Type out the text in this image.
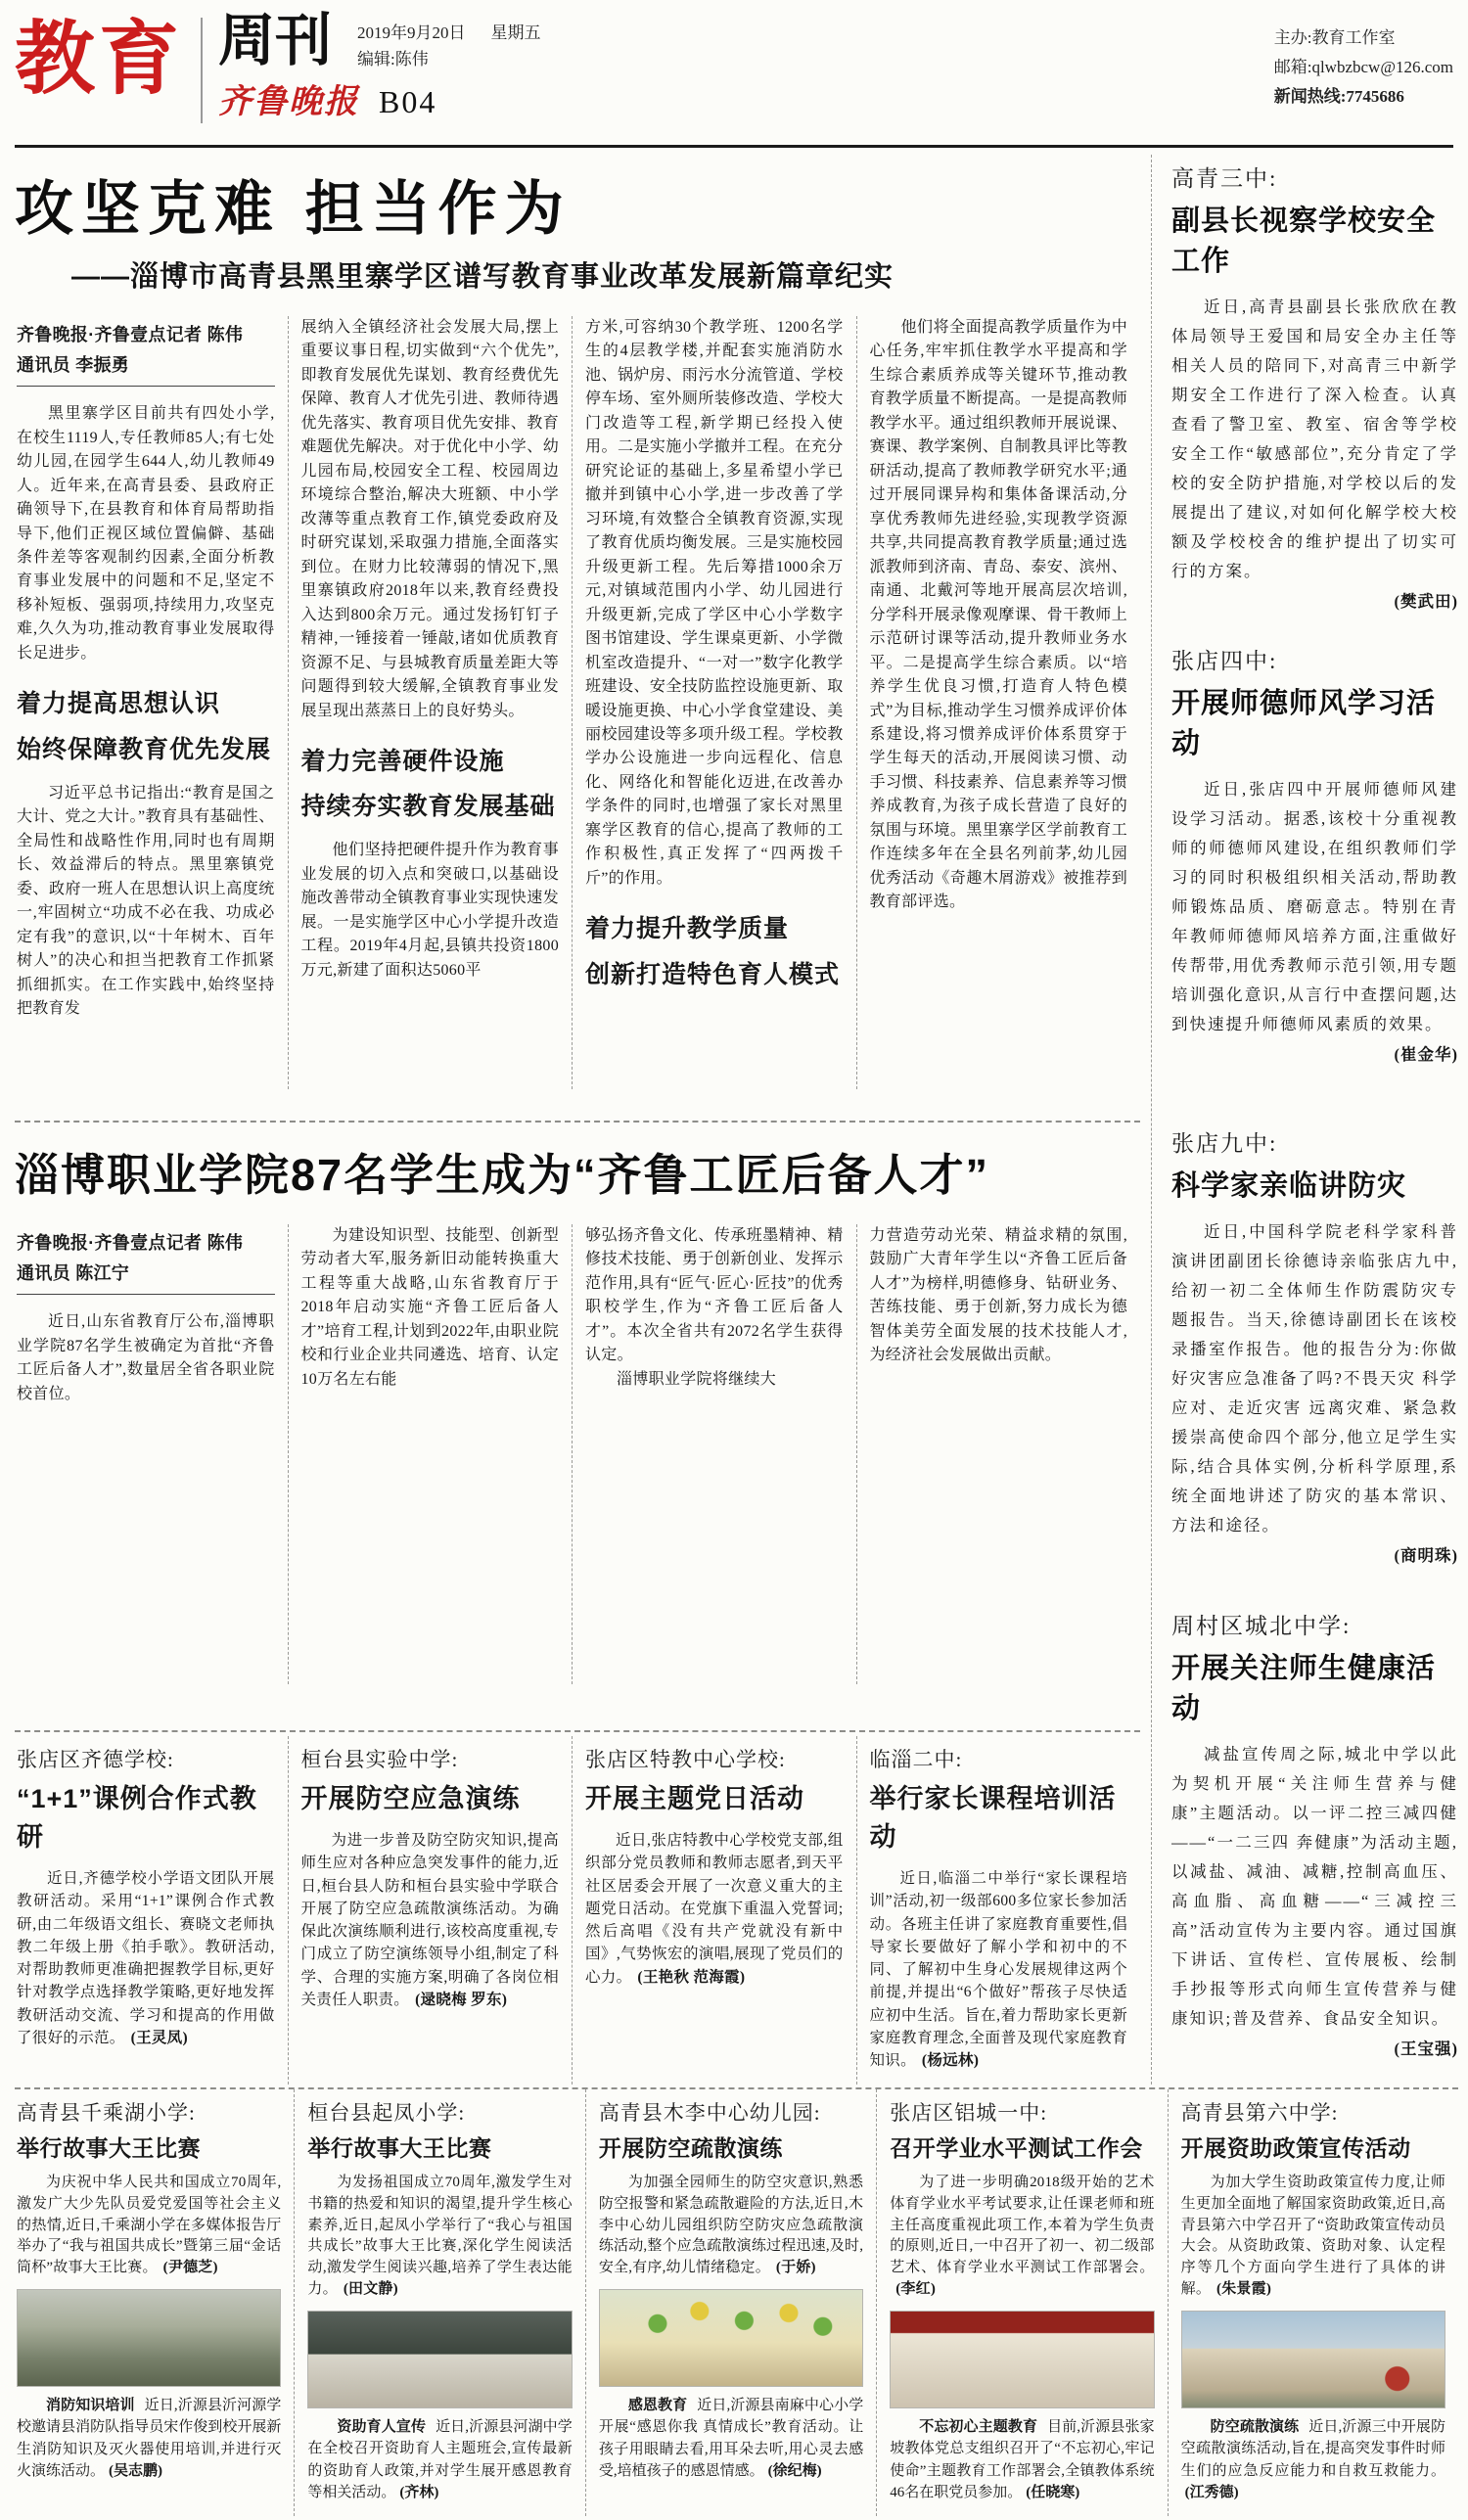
教育 周刊 2019年9月20日 星期五
编辑:陈伟
齐鲁晚报 B04
主办:教育工作室
邮箱:qlwbzbcw@126.com
新闻热线:7745686
攻坚克难 担当作为
——淄博市高青县黑里寨学区谱写教育事业改革发展新篇章纪实
齐鲁晚报·齐鲁壹点记者 陈伟
通讯员 李振勇

黑里寨学区目前共有四处小学,在校生1119人,专任教师85人;有七处幼儿园,在园学生644人,幼儿教师49人。近年来,在高青县委、县政府正确领导下,在县教育和体育局帮助指导下,他们正视区域位置偏僻、基础条件差等客观制约因素,全面分析教育事业发展中的问题和不足,坚定不移补短板、强弱项,持续用力,攻坚克难,久久为功,推动教育事业发展取得长足进步。

着力提高思想认识
始终保障教育优先发展

习近平总书记指出:“教育是国之大计、党之大计。”教育具有基础性、全局性和战略性作用,同时也有周期长、效益滞后的特点。黑里寨镇党委、政府一班人在思想认识上高度统一,牢固树立“功成不必在我、功成必定有我”的意识,以“十年树木、百年树人”的决心和担当把教育工作抓紧抓细抓实。在工作实践中,始终坚持把教育发

展纳入全镇经济社会发展大局,摆上重要议事日程,切实做到“六个优先”,即教育发展优先谋划、教育经费优先保障、教育人才优先引进、教师待遇优先落实、教育项目优先安排、教育难题优先解决。对于优化中小学、幼儿园布局,校园安全工程、校园周边环境综合整治,解决大班额、中小学改薄等重点教育工作,镇党委政府及时研究谋划,采取强力措施,全面落实到位。在财力比较薄弱的情况下,黑里寨镇政府2018年以来,教育经费投入达到800余万元。通过发扬钉钉子精神,一锤接着一锤敲,诸如优质教育资源不足、与县城教育质量差距大等问题得到较大缓解,全镇教育事业发展呈现出蒸蒸日上的良好势头。

着力完善硬件设施
持续夯实教育发展基础

他们坚持把硬件提升作为教育事业发展的切入点和突破口,以基础设施改善带动全镇教育事业实现快速发展。一是实施学区中心小学提升改造工程。2019年4月起,县镇共投资1800万元,新建了面积达5060平

方米,可容纳30个教学班、1200名学生的4层教学楼,并配套实施消防水池、锅炉房、雨污水分流管道、学校停车场、室外厕所装修改造、学校大门改造等工程,新学期已经投入使用。二是实施小学撤并工程。在充分研究论证的基础上,多星希望小学已撤并到镇中心小学,进一步改善了学习环境,有效整合全镇教育资源,实现了教育优质均衡发展。三是实施校园升级更新工程。先后筹措1000余万元,对镇域范围内小学、幼儿园进行升级更新,完成了学区中心小学数字图书馆建设、学生课桌更新、小学微机室改造提升、“一对一”数字化教学班建设、安全技防监控设施更新、取暖设施更换、中心小学食堂建设、美丽校园建设等多项升级工程。学校教学办公设施进一步向远程化、信息化、网络化和智能化迈进,在改善办学条件的同时,也增强了家长对黑里寨学区教育的信心,提高了教师的工作积极性,真正发挥了“四两拨千斤”的作用。

着力提升教学质量
创新打造特色育人模式

他们将全面提高教学质量作为中心任务,牢牢抓住教学水平提高和学生综合素质养成等关键环节,推动教育教学质量不断提高。一是提高教师教学水平。通过组织教师开展说课、赛课、教学案例、自制教具评比等教研活动,提高了教师教学研究水平;通过开展同课异构和集体备课活动,分享优秀教师先进经验,实现教学资源共享,共同提高教育教学质量;通过选派教师到济南、青岛、泰安、滨州、南通、北戴河等地开展高层次培训,分学科开展录像观摩课、骨干教师上示范研讨课等活动,提升教师业务水平。二是提高学生综合素质。以“培养学生优良习惯,打造育人特色模式”为目标,推动学生习惯养成评价体系建设,将习惯养成评价体系贯穿于学生每天的活动,开展阅读习惯、动手习惯、科技素养、信息素养等习惯养成教育,为孩子成长营造了良好的氛围与环境。黑里寨学区学前教育工作连续多年在全县名列前茅,幼儿园优秀活动《奇趣木屑游戏》被推荐到教育部评选。

淄博职业学院87名学生成为“齐鲁工匠后备人才”
齐鲁晚报·齐鲁壹点记者 陈伟
通讯员 陈江宁

近日,山东省教育厅公布,淄博职业学院87名学生被确定为首批“齐鲁工匠后备人才”,数量居全省各职业院校首位。

为建设知识型、技能型、创新型劳动者大军,服务新旧动能转换重大工程等重大战略,山东省教育厅于2018年启动实施“齐鲁工匠后备人才”培育工程,计划到2022年,由职业院校和行业企业共同遴选、培育、认定10万名左右能

够弘扬齐鲁文化、传承班墨精神、精修技术技能、勇于创新创业、发挥示范作用,具有“匠气·匠心·匠技”的优秀职校学生,作为“齐鲁工匠后备人才”。本次全省共有2072名学生获得认定。

淄博职业学院将继续大

力营造劳动光荣、精益求精的氛围,鼓励广大青年学生以“齐鲁工匠后备人才”为榜样,明德修身、钻研业务、苦练技能、勇于创新,努力成长为德智体美劳全面发展的技术技能人才,为经济社会发展做出贡献。

张店区齐德学校:
“1+1”课例合作式教研

近日,齐德学校小学语文团队开展教研活动。采用“1+1”课例合作式教研,由二年级语文组长、赛晓文老师执教二年级上册《拍手歌》。教研活动,对帮助教师更准确把握教学目标,更好针对教学点选择教学策略,更好地发挥教研活动交流、学习和提高的作用做了很好的示范。 (王灵凤)

桓台县实验中学:
开展防空应急演练

为进一步普及防空防灾知识,提高师生应对各种应急突发事件的能力,近日,桓台县人防和桓台县实验中学联合开展了防空应急疏散演练活动。为确保此次演练顺利进行,该校高度重视,专门成立了防空演练领导小组,制定了科学、合理的实施方案,明确了各岗位相关责任人职责。 (逯晓梅 罗东)

张店区特教中心学校:
开展主题党日活动

近日,张店特教中心学校党支部,组织部分党员教师和教师志愿者,到天平社区居委会开展了一次意义重大的主题党日活动。在党旗下重温入党誓词;然后高唱《没有共产党就没有新中国》,气势恢宏的演唱,展现了党员们的心力。 (王艳秋 范海霞)

临淄二中:
举行家长课程培训活动

近日,临淄二中举行“家长课程培训”活动,初一级部600多位家长参加活动。各班主任讲了家庭教育重要性,倡导家长要做好了解小学和初中的不同、了解初中生身心发展规律这两个前提,并提出“6个做好”帮孩子尽快适应初中生活。旨在,着力帮助家长更新家庭教育理念,全面普及现代家庭教育知识。 (杨远林)

高青三中:
副县长视察学校安全工作

近日,高青县副县长张欣欣在教体局领导王爱国和局安全办主任等相关人员的陪同下,对高青三中新学期安全工作进行了深入检查。认真查看了警卫室、教室、宿舍等学校安全工作“敏感部位”,充分肯定了学校的安全防护措施,对学校以后的发展提出了建议,对如何化解学校大校额及学校校舍的维护提出了切实可行的方案。

(樊武田)
张店四中:
开展师德师风学习活动

近日,张店四中开展师德师风建设学习活动。据悉,该校十分重视教师的师德师风建设,在组织教师们学习的同时积极组织相关活动,帮助教师锻炼品质、磨砺意志。特别在青年教师师德师风培养方面,注重做好传帮带,用优秀教师示范引领,用专题培训强化意识,从言行中查摆问题,达到快速提升师德师风素质的效果。

(崔金华)
张店九中:
科学家亲临讲防灾

近日,中国科学院老科学家科普演讲团副团长徐德诗亲临张店九中,给初一初二全体师生作防震防灾专题报告。当天,徐德诗副团长在该校录播室作报告。他的报告分为:你做好灾害应急准备了吗?不畏天灾 科学应对、走近灾害 远离灾难、紧急救援崇高使命四个部分,他立足学生实际,结合具体实例,分析科学原理,系统全面地讲述了防灾的基本常识、方法和途径。

(商明珠)
周村区城北中学:
开展关注师生健康活动

减盐宣传周之际,城北中学以此为契机开展“关注师生营养与健康”主题活动。以一评二控三减四健——“一二三四 奔健康”为活动主题,以减盐、减油、减糖,控制高血压、高血脂、高血糖——“三减控三高”活动宣传为主要内容。通过国旗下讲话、宣传栏、宣传展板、绘制手抄报等形式向师生宣传营养与健康知识;普及营养、食品安全知识。

(王宝强)
高青县千乘湖小学:
举行故事大王比赛

为庆祝中华人民共和国成立70周年,激发广大少先队员爱党爱国等社会主义的热情,近日,千乘湖小学在多媒体报告厅举办了“我与祖国共成长”暨第三届“金话筒杯”故事大王比赛。 (尹德芝)

消防知识培训 近日,沂源县沂河源学校邀请县消防队指导员宋作俊到校开展新生消防知识及灭火器使用培训,并进行灭火演练活动。 (吴志鹏)

桓台县起凤小学:
举行故事大王比赛

为发扬祖国成立70周年,激发学生对书籍的热爱和知识的渴望,提升学生核心素养,近日,起凤小学举行了“我心与祖国共成长”故事大王比赛,深化学生阅读活动,激发学生阅读兴趣,培养了学生表达能力。 (田文静)

资助育人宣传 近日,沂源县河湖中学在全校召开资助育人主题班会,宣传最新的资助育人政策,并对学生展开感恩教育等相关活动。 (齐林)

高青县木李中心幼儿园:
开展防空疏散演练

为加强全园师生的防空灾意识,熟悉防空报警和紧急疏散避险的方法,近日,木李中心幼儿园组织防空防灾应急疏散演练活动,整个应急疏散演练过程迅速,及时,安全,有序,幼儿情绪稳定。 (于娇)

感恩教育 近日,沂源县南麻中心小学开展“感恩你我 真情成长”教育活动。让孩子用眼睛去看,用耳朵去听,用心灵去感受,培植孩子的感恩情感。 (徐纪梅)

张店区铝城一中:
召开学业水平测试工作会

为了进一步明确2018级开始的艺术体育学业水平考试要求,让任课老师和班主任高度重视此项工作,本着为学生负责的原则,近日,一中召开了初一、初二级部艺术、体育学业水平测试工作部署会。(李红)

不忘初心主题教育 目前,沂源县张家坡教体党总支组织召开了“不忘初心,牢记使命”主题教育工作部署会,全镇教体系统46名在职党员参加。 (任晓寒)

高青县第六中学:
开展资助政策宣传活动

为加大学生资助政策宣传力度,让师生更加全面地了解国家资助政策,近日,高青县第六中学召开了“资助政策宣传动员大会。从资助政策、资助对象、认定程序等几个方面向学生进行了具体的讲解。 (朱景霞)

防空疏散演练 近日,沂源三中开展防空疏散演练活动,旨在,提高突发事件时师生们的应急反应能力和自救互救能力。(江秀德)
